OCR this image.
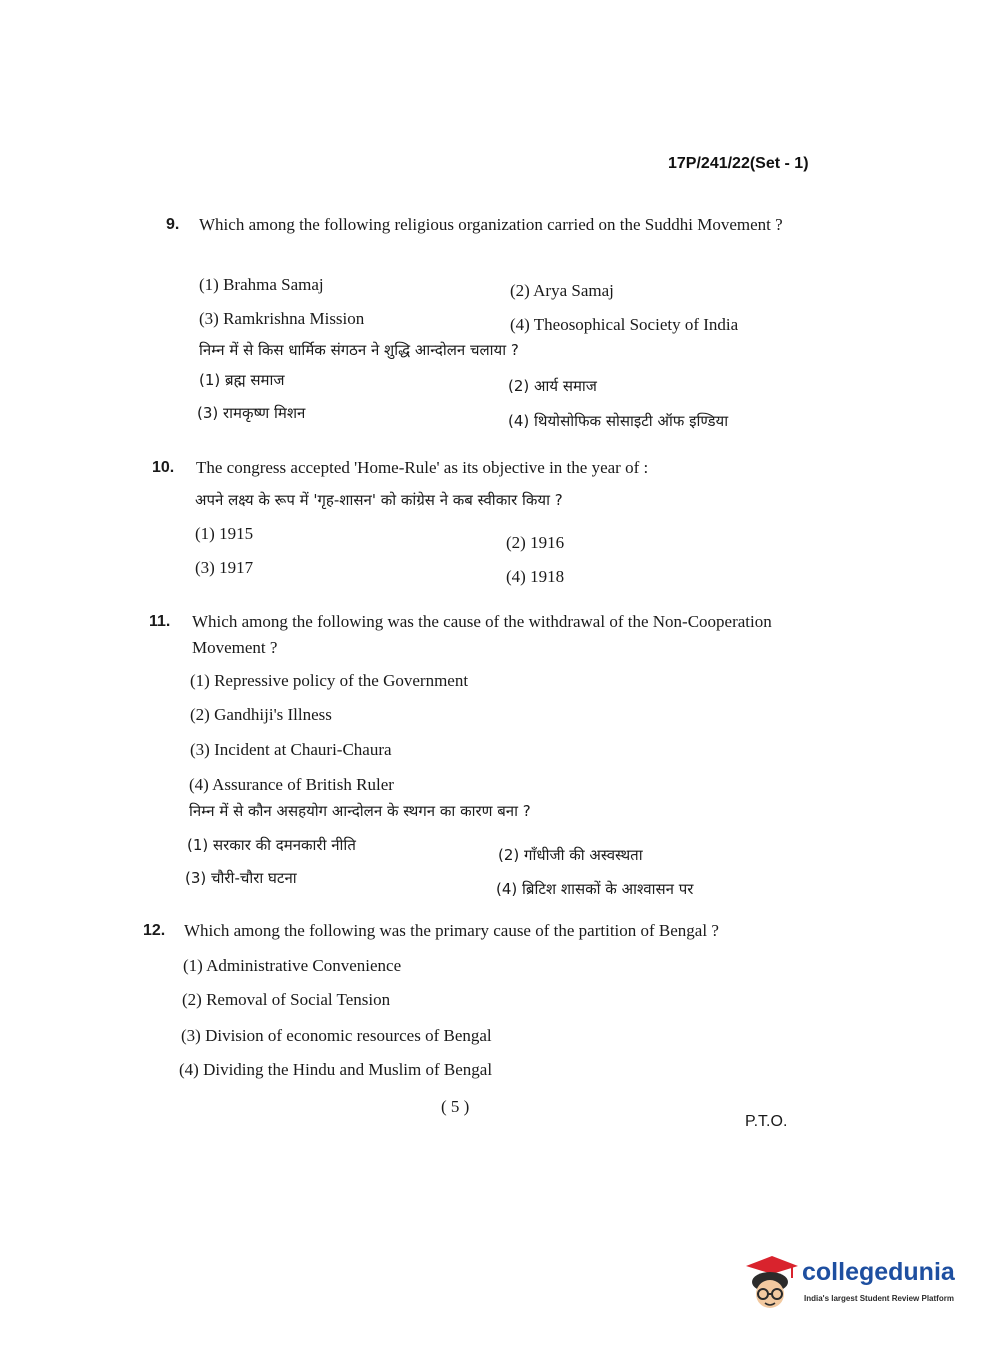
17P/241/22(Set - 1)
9. Which among the following religious organization carried on the Suddhi Movement ?
(1) Brahma Samaj	(2) Arya Samaj
(3) Ramkrishna Mission	(4) Theosophical Society of India
निम्न में से किस धार्मिक संगठन ने शुद्धि आन्दोलन चलाया ?
(1) ब्रह्म समाज	(2) आर्य समाज
(3) रामकृष्ण मिशन	(4) थियोसोफिक सोसाइटी ऑफ इण्डिया
10. The congress accepted 'Home-Rule' as its objective in the year of :
अपने लक्ष्य के रूप में 'गृह-शासन' को कांग्रेस ने कब स्वीकार किया ?
(1) 1915	(2) 1916
(3) 1917	(4) 1918
11. Which among the following was the cause of the withdrawal of the Non-Cooperation Movement ?
(1) Repressive policy of the Government
(2) Gandhiji's Illness
(3) Incident at Chauri-Chaura
(4) Assurance of British Ruler
निम्न में से कौन असहयोग आन्दोलन के स्थगन का कारण बना ?
(1) सरकार की दमनकारी नीति
(2) गाँधीजी की अस्वस्थता
(3) चौरी-चौरा घटना
(4) ब्रिटिश शासकों के आश्वासन पर
12. Which among the following was the primary cause of the partition of Bengal ?
(1) Administrative Convenience
(2) Removal of Social Tension
(3) Division of economic resources of Bengal
(4) Dividing the Hindu and Muslim of Bengal
( 5 )
P.T.O.
collegedunia
India's largest Student Review Platform
